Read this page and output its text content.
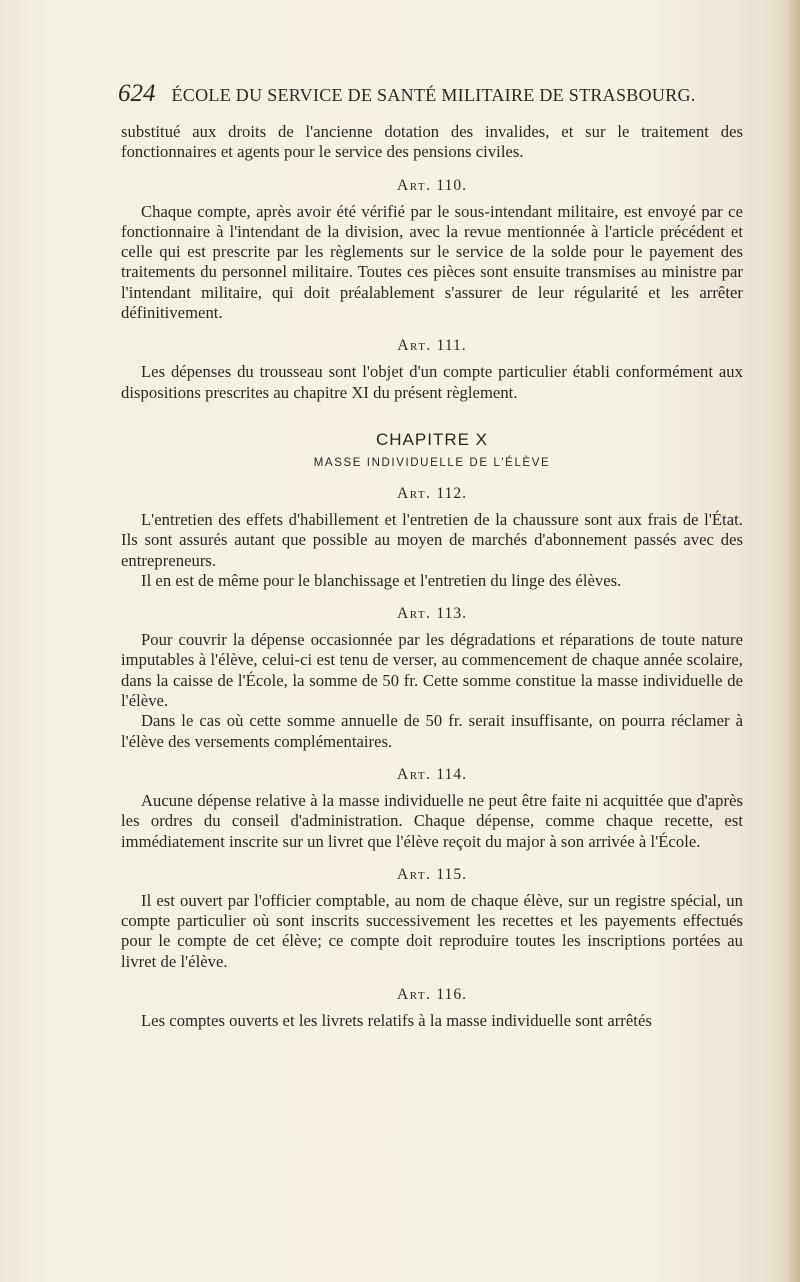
624 ÉCOLE DU SERVICE DE SANTÉ MILITAIRE DE STRASBOURG.

substitué aux droits de l'ancienne dotation des invalides, et sur le traitement des fonctionnaires et agents pour le service des pensions civiles.

Art. 110.

Chaque compte, après avoir été vérifié par le sous-intendant militaire, est envoyé par ce fonctionnaire à l'intendant de la division, avec la revue mentionnée à l'article précédent et celle qui est prescrite par les règlements sur le service de la solde pour le payement des traitements du personnel militaire. Toutes ces pièces sont ensuite transmises au ministre par l'intendant militaire, qui doit préalablement s'assurer de leur régularité et les arrêter définitivement.

Art. 111.

Les dépenses du trousseau sont l'objet d'un compte particulier établi conformément aux dispositions prescrites au chapitre XI du présent règlement.

CHAPITRE X
MASSE INDIVIDUELLE DE L'ÉLÈVE
Art. 112.

L'entretien des effets d'habillement et l'entretien de la chaussure sont aux frais de l'État. Ils sont assurés autant que possible au moyen de marchés d'abonnement passés avec des entrepreneurs.

Il en est de même pour le blanchissage et l'entretien du linge des élèves.

Art. 113.

Pour couvrir la dépense occasionnée par les dégradations et réparations de toute nature imputables à l'élève, celui-ci est tenu de verser, au commencement de chaque année scolaire, dans la caisse de l'École, la somme de 50 fr. Cette somme constitue la masse individuelle de l'élève.

Dans le cas où cette somme annuelle de 50 fr. serait insuffisante, on pourra réclamer à l'élève des versements complémentaires.

Art. 114.

Aucune dépense relative à la masse individuelle ne peut être faite ni acquittée que d'après les ordres du conseil d'administration. Chaque dépense, comme chaque recette, est immédiatement inscrite sur un livret que l'élève reçoit du major à son arrivée à l'École.

Art. 115.

Il est ouvert par l'officier comptable, au nom de chaque élève, sur un registre spécial, un compte particulier où sont inscrits successivement les recettes et les payements effectués pour le compte de cet élève; ce compte doit reproduire toutes les inscriptions portées au livret de l'élève.

Art. 116.

Les comptes ouverts et les livrets relatifs à la masse individuelle sont arrêtés
